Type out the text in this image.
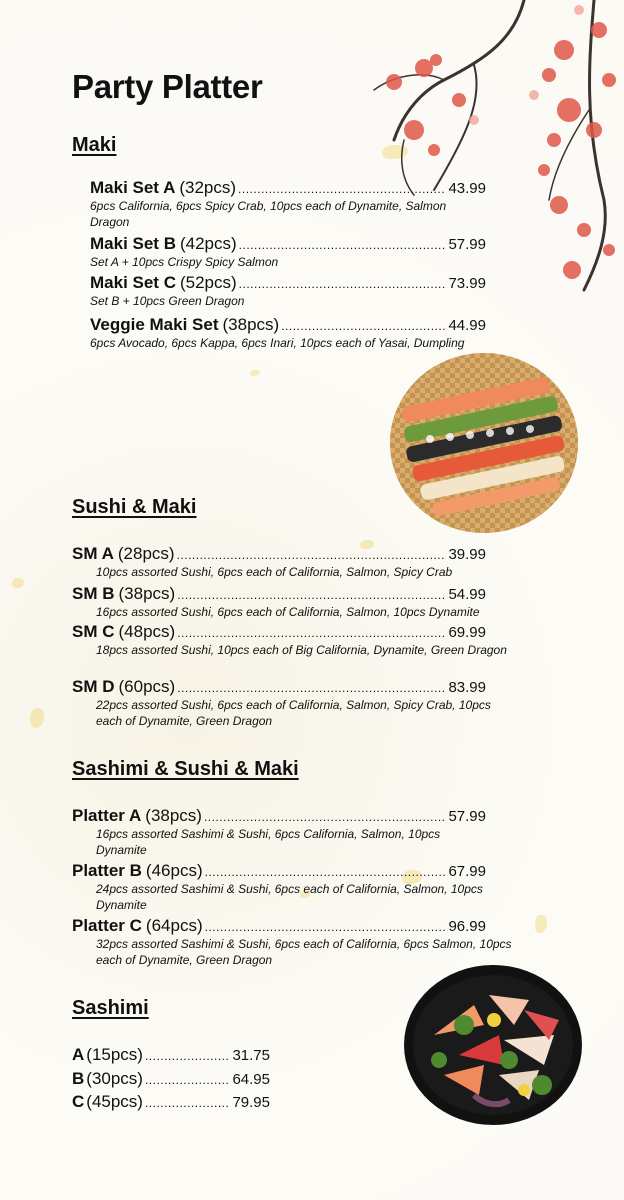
Party Platter
Maki
Maki Set A (32pcs) .....	43.99
6pcs California, 6pcs Spicy Crab, 10pcs each of Dynamite, Salmon Dragon
Maki Set B (42pcs) .....	57.99
Set A + 10pcs Crispy Spicy Salmon
Maki Set C (52pcs) .....	73.99
Set B + 10pcs Green Dragon
Veggie Maki Set (38pcs) .....	44.99
6pcs Avocado, 6pcs Kappa, 6pcs Inari, 10pcs each of Yasai, Dumpling
Sushi & Maki
SM A (28pcs) .....	39.99
10pcs assorted Sushi, 6pcs each of California, Salmon, Spicy Crab
SM B (38pcs) .....	54.99
16pcs assorted Sushi, 6pcs each of California, Salmon, 10pcs Dynamite
SM C (48pcs) .....	69.99
18pcs assorted Sushi, 10pcs each of Big California, Dynamite, Green Dragon
SM D (60pcs) .....	83.99
22pcs assorted Sushi, 6pcs each of California, Salmon, Spicy Crab, 10pcs each of Dynamite, Green Dragon
Sashimi & Sushi & Maki
Platter A (38pcs) .....	57.99
16pcs assorted Sashimi & Sushi, 6pcs California, Salmon, 10pcs Dynamite
Platter B (46pcs) .....	67.99
24pcs assorted Sashimi & Sushi, 6pcs each of California, Salmon, 10pcs Dynamite
Platter C (64pcs) .....	96.99
32pcs assorted Sashimi & Sushi, 6pcs each of California, 6pcs Salmon, 10pcs each of Dynamite, Green Dragon
Sashimi
A (15pcs) .....	31.75
B (30pcs) .....	64.95
C (45pcs) .....	79.95
